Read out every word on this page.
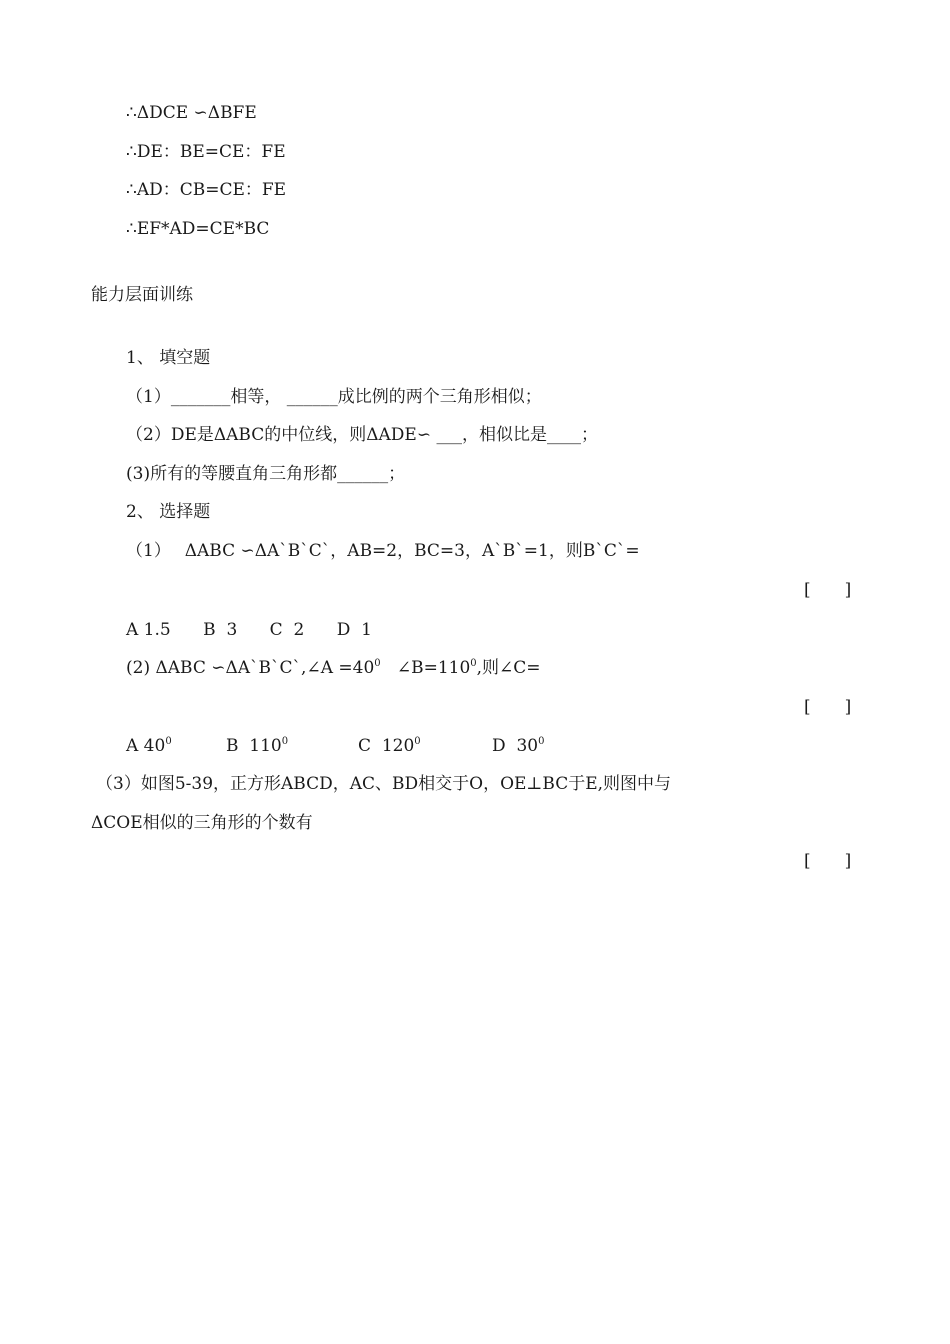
∴ΔDCE ∽ΔBFE
∴DE：BE=CE：FE
∴AD：CB=CE：FE
∴EF*AD=CE*BC
能力层面训练
1、 填空题
（1）_______相等， ______成比例的两个三角形相似；
（2）DE是ΔABC的中位线，则ΔADE∽ ___，相似比是____；
(3)所有的等腰直角三角形都______；
2、 选择题
（1）　 ΔABC ∽ΔA`B`C`，AB=2，BC=3，A`B`=1，则B`C`=
[　　]
A 1.5      B  3      C  2      D  1
(2) ΔABC ∽ΔA`B`C`,∠A $=40^0$   $\angle B=110^0$,则∠C=
[　　]
A $40^0$	B  $110^0$	C  $120^0$	D  $30^0$
（3）如图5-39，正方形ABCD，AC、BD相交于O，OE⊥BC于E,则图中与
ΔCOE相似的三角形的个数有
[　　]
